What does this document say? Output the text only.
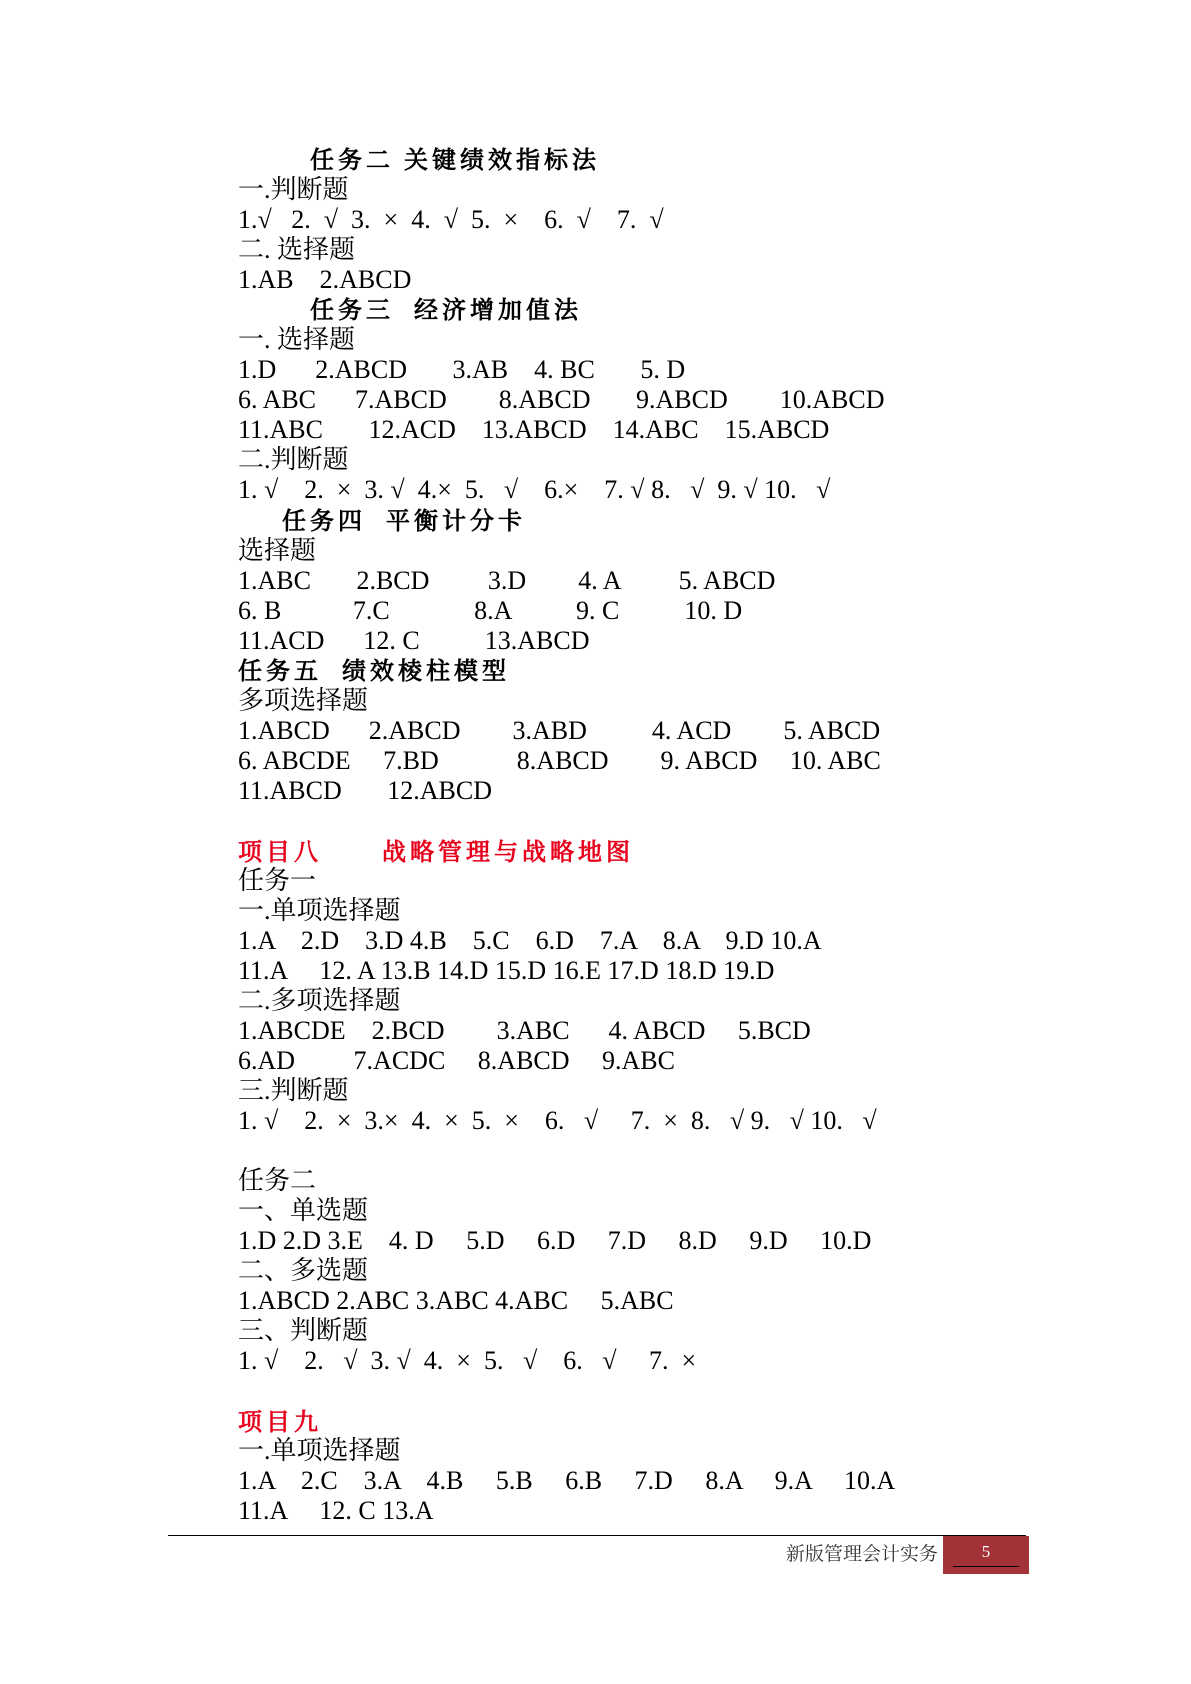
任务二 关键绩效指标法
一.判断题
1.√   2.  √  3.  ×  4.  √  5.  ×    6.  √    7.  √
二. 选择题
1.AB    2.ABCD
任务三  经济增加值法
一. 选择题
1.D      2.ABCD       3.AB    4. BC       5. D
6. ABC      7.ABCD        8.ABCD       9.ABCD        10.ABCD
11.ABC       12.ACD    13.ABCD    14.ABC    15.ABCD
二.判断题
1. √    2.  ×  3. √  4.×  5.   √    6.×    7. √ 8.   √  9. √ 10.   √
任务四  平衡计分卡
选择题
1.ABC       2.BCD         3.D        4. A         5. ABCD
6. B           7.C             8.A          9. C          10. D
11.ACD      12. C          13.ABCD
任务五  绩效棱柱模型
多项选择题
1.ABCD      2.ABCD        3.ABD          4. ACD        5. ABCD
6. ABCDE     7.BD            8.ABCD        9. ABCD     10. ABC
11.ABCD       12.ABCD
项目八      战略管理与战略地图
任务一
一.单项选择题
1.A    2.D    3.D 4.B    5.C    6.D    7.A    8.A    9.D 10.A
11.A     12. A 13.B 14.D 15.D 16.E 17.D 18.D 19.D
二.多项选择题
1.ABCDE    2.BCD        3.ABC      4. ABCD     5.BCD
6.AD         7.ACDC     8.ABCD     9.ABC
三.判断题
1. √    2.  ×  3.×  4.  ×  5.  ×    6.   √     7.  ×  8.   √ 9.   √ 10.   √
任务二
一、单选题
1.D 2.D 3.E    4. D     5.D     6.D     7.D     8.D     9.D     10.D
二、多选题
1.ABCD 2.ABC 3.ABC 4.ABC     5.ABC
三、判断题
1. √    2.   √  3. √  4.  ×  5.   √    6.   √     7.  ×
项目九
一.单项选择题
1.A    2.C    3.A    4.B     5.B     6.B     7.D     8.A     9.A     10.A
11.A     12. C 13.A
新版管理会计实务	5
